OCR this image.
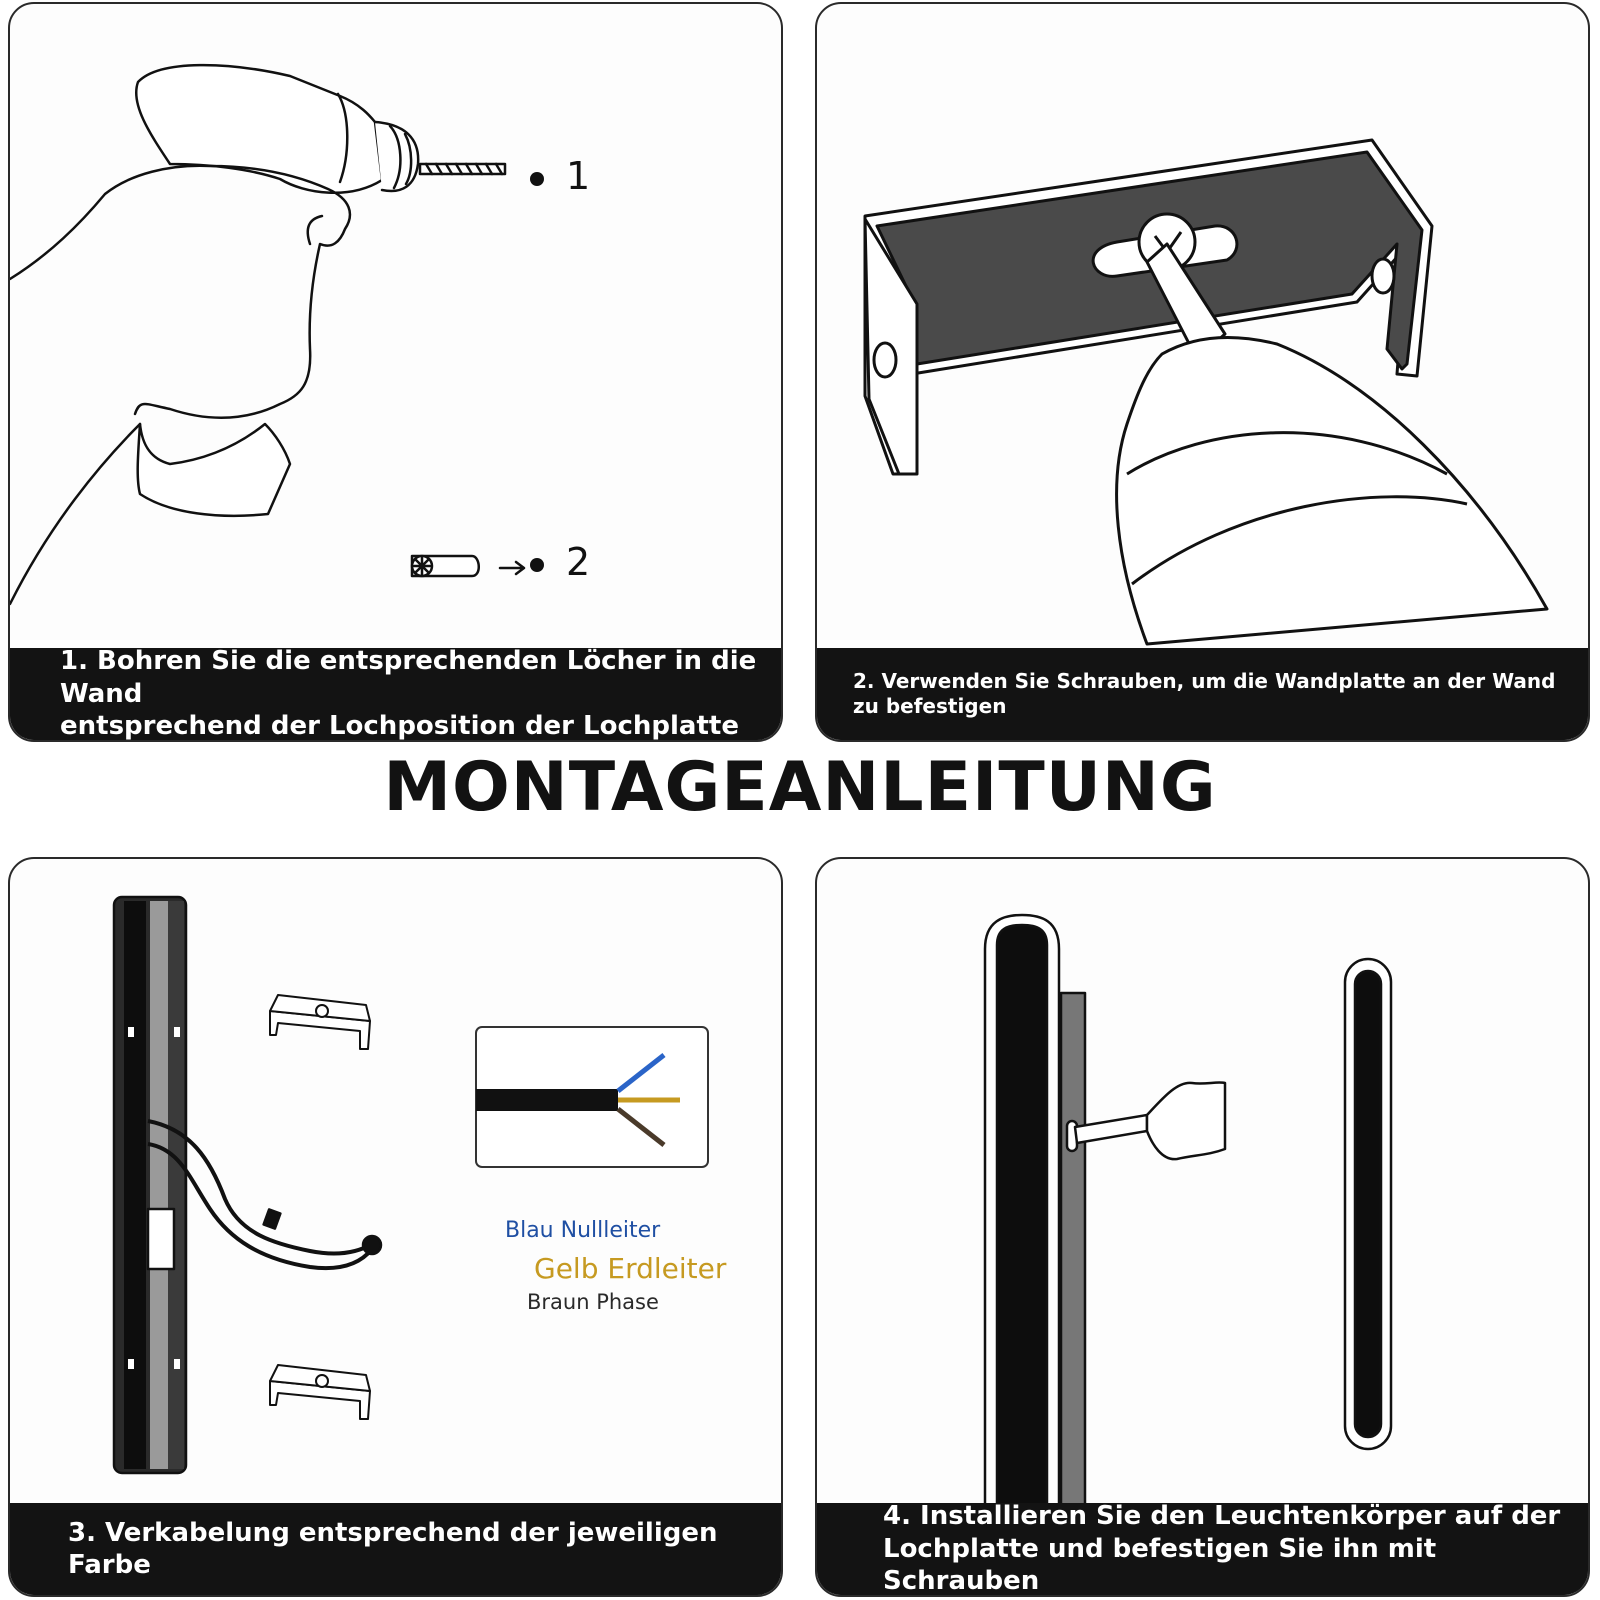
1
2
1. Bohren Sie die entsprechenden Löcher in die Wand
entsprechend der Lochposition der Lochplatte
2. Verwenden Sie Schrauben, um die Wandplatte an der Wand zu befestigen
MONTAGEANLEITUNG
3. Verkabelung entsprechend der jeweiligen Farbe
Blau Nullleiter
Gelb Erdleiter
Braun Phase
4. Installieren Sie den Leuchtenkörper auf der
Lochplatte und befestigen Sie ihn mit Schrauben
